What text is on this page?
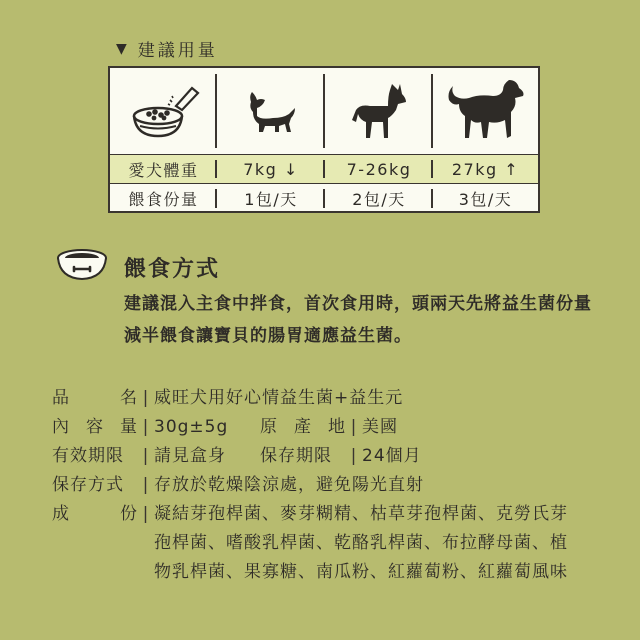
▼ 建議用量
愛犬體重	7kg ↓	7-26kg	27kg ↑
餵食份量	1包/天	2包/天	3包/天
餵食方式

建議混入主食中拌食，首次食用時，頭兩天先將益生菌份量減半餵食讓寶貝的腸胃適應益生菌。

品	名 | 威旺犬用好心情益生菌+益生元
內 容 量 | 30g±5g	原 產 地 | 美國
有效期限	| 請見盒身	保存期限	| 24個月
保存方式	| 存放於乾燥陰涼處，避免陽光直射
成	份 | 凝結芽孢桿菌、麥芽糊精、枯草芽孢桿菌、克勞氏芽孢桿菌、嗜酸乳桿菌、乾酪乳桿菌、布拉酵母菌、植物乳桿菌、果寡糖、南瓜粉、紅蘿蔔粉、紅蘿蔔風味
